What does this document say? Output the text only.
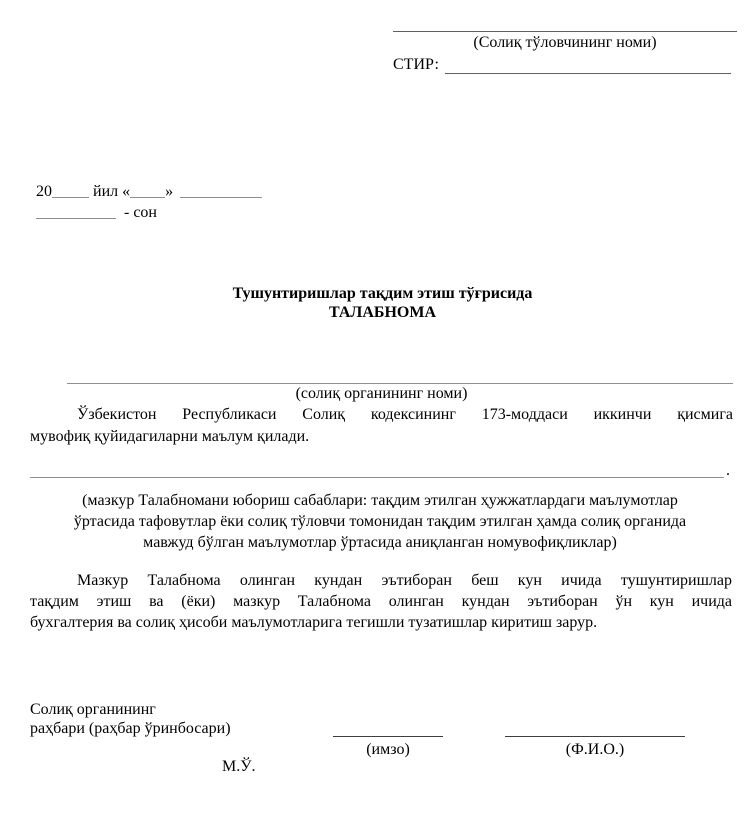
(Солиқ тўловчининг номи)
СТИР:
20	йил « »
- сон
Тушунтиришлар тақдим этиш тўғрисида
ТАЛАБНОМА
(солиқ органининг номи)
Ўзбекистон Республикаси Солиқ кодексининг 173-моддаси иккинчи қисмига
мувофиқ қуйидагиларни маълум қилади.
.
(мазкур Талабномани юбориш сабаблари: тақдим этилган ҳужжатлардаги маълумотлар
ўртасида тафовутлар ёки солиқ тўловчи томонидан тақдим этилган ҳамда солиқ органида
мавжуд бўлган маълумотлар ўртасида аниқланган номувофиқликлар)
Мазкур Талабнома олинган кундан эътиборан беш кун ичида тушунтиришлар
тақдим этиш ва (ёки) мазкур Талабнома олинган кундан эътиборан ўн кун ичида
бухгалтерия ва солиқ ҳисоби маълумотларига тегишли тузатишлар киритиш зарур.
Солиқ органининг
раҳбари (раҳбар ўринбосари)
(имзо)	(Ф.И.О.)
М.Ў.
